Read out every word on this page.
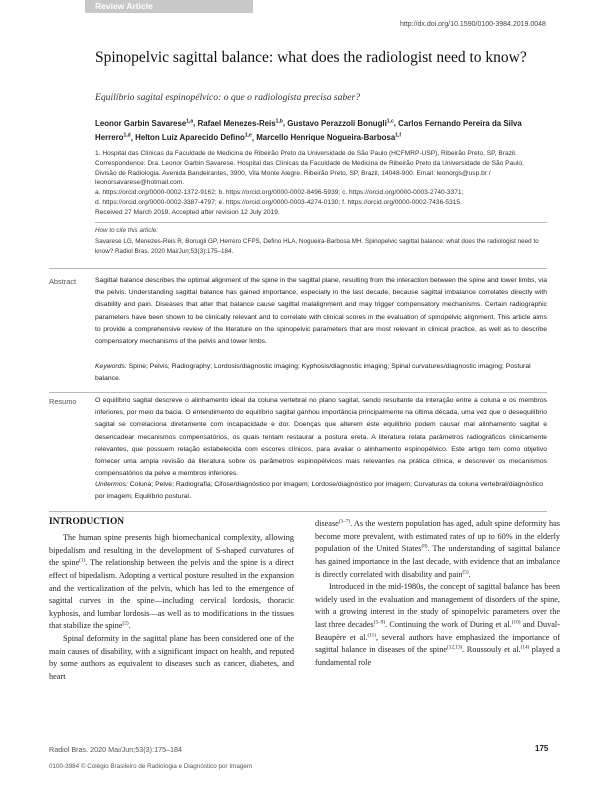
Review Article
http://dx.doi.org/10.1590/0100-3984.2019.0048
Spinopelvic sagittal balance: what does the radiologist need to know?
Equilíbrio sagital espinopélvico: o que o radiologista precisa saber?
Leonor Garbin Savarese$^{1,a}$, Rafael Menezes-Reis$^{1,b}$, Gustavo Perazzoli Bonugli$^{1,c}$, Carlos Fernando Pereira da Silva Herrero$^{1,d}$, Helton Luiz Aparecido Defino$^{1,e}$, Marcello Henrique Nogueira-Barbosa$^{1,f}$
1. Hospital das Clínicas da Faculdade de Medicina de Ribeirão Preto da Universidade de São Paulo (HCFMRP-USP), Ribeirão Preto, SP, Brazil.
Correspondence: Dra. Leonor Garbin Savarese. Hospital das Clínicas da Faculdade de Medicina de Ribeirão Preto da Universidade de São Paulo, Divisão de Radiologia. Avenida Bandeirantes, 3900, Vila Monte Alegre. Ribeirão Preto, SP, Brazil, 14048-900. Email: leonorgs@usp.br / leonorsavarese@hotmail.com.
a. https://orcid.org/0000-0002-1372-9162; b. https://orcid.org/0000-0002-8496-5939; c. https://orcid.org/0000-0003-2740-3371;
d. https://orcid.org/0000-0002-3387-4797; e. https://orcid.org/0000-0003-4274-0130; f. https://orcid.org/0000-0002-7436-5315.
Received 27 March 2019. Accepted after revision 12 July 2019.
How to cite this article:
Savarese LG, Menezes-Reis R, Bonugli GP, Herrero CFPS, Defino HLA, Nogueira-Barbosa MH. Spinopelvic sagittal balance: what does the radiologist need to know? Radiol Bras. 2020 Mai/Jun;53(3):175–184.
Abstract	Sagittal balance describes the optimal alignment of the spine in the sagittal plane, resulting from the interaction between the spine and lower limbs, via the pelvis. Understanding sagittal balance has gained importance, especially in the last decade, because sagittal imbalance correlates directly with disability and pain. Diseases that alter that balance cause sagittal malalignment and may trigger compensatory mechanisms. Certain radiographic parameters have been shown to be clinically relevant and to correlate with clinical scores in the evaluation of spinopelvic alignment. This article aims to provide a comprehensive review of the literature on the spinopelvic parameters that are most relevant in clinical practice, as well as to describe compensatory mechanisms of the pelvis and lower limbs.
Keywords: Spine; Pelvis; Radiography; Lordosis/diagnostic imaging; Kyphosis/diagnostic imaging; Spinal curvatures/diagnostic imaging; Postural balance.
Resumo	O equilíbrio sagital descreve o alinhamento ideal da coluna vertebral no plano sagital, sendo resultante da interação entre a coluna e os membros inferiores, por meio da bacia. O entendimento do equilíbrio sagital ganhou importância principalmente na última década, uma vez que o desequilíbrio sagital se correlaciona diretamente com incapacidade e dor. Doenças que alterem este equilíbrio podem causar mal alinhamento sagital e desencadear mecanismos compensatórios, os quais tentam restaurar a postura ereta. A literatura relata parâmetros radiográficos clinicamente relevantes, que possuem relação estabelecida com escores clínicos, para avaliar o alinhamento espinopélvico. Este artigo tem como objetivo fornecer uma ampla revisão da literatura sobre os parâmetros espinopélvicos mais relevantes na prática clínica, e descrever os mecanismos compensatórios da pelve e membros inferiores.
Unitermos: Coluna; Pelve; Radiografia; Cifose/diagnóstico por imagem; Lordose/diagnóstico por imagem; Curvaturas da coluna vertebral/diagnóstico por imagem; Equilíbrio postural.
INTRODUCTION

The human spine presents high biomechanical complexity, allowing bipedalism and resulting in the development of S-shaped curvatures of the spine$^{(1)}$. The relationship between the pelvis and the spine is a direct effect of bipedalism. Adopting a vertical posture resulted in the expansion and the verticalization of the pelvis, which has led to the emergence of sagittal curves in the spine—including cervical lordosis, thoracic kyphosis, and lumbar lordosis—as well as to modifications in the tissues that stabilize the spine$^{(2)}$.

Spinal deformity in the sagittal plane has been considered one of the main causes of disability, with a significant impact on health, and reputed by some authors as equivalent to diseases such as cancer, diabetes, and heart

disease$^{(3-7)}$. As the western population has aged, adult spine deformity has become more prevalent, with estimated rates of up to 60% in the elderly population of the United States$^{(8)}$. The understanding of sagittal balance has gained importance in the last decade, with evidence that an imbalance is directly correlated with disability and pain$^{(5)}$.

Introduced in the mid-1980s, the concept of sagittal balance has been widely used in the evaluation and management of disorders of the spine, with a growing interest in the study of spinopelvic parameters over the last three decades$^{(5-9)}$. Continuing the work of During et al.$^{(10)}$ and Duval-Beaupère et al.$^{(11)}$, several authors have emphasized the importance of sagittal balance in diseases of the spine$^{(12,13)}$. Roussouly et al.$^{(14)}$ played a fundamental role

Radiol Bras. 2020 Mai/Jun;53(3):175–184	175
0100-3984 © Colégio Brasileiro de Radiologia e Diagnóstico por Imagem
